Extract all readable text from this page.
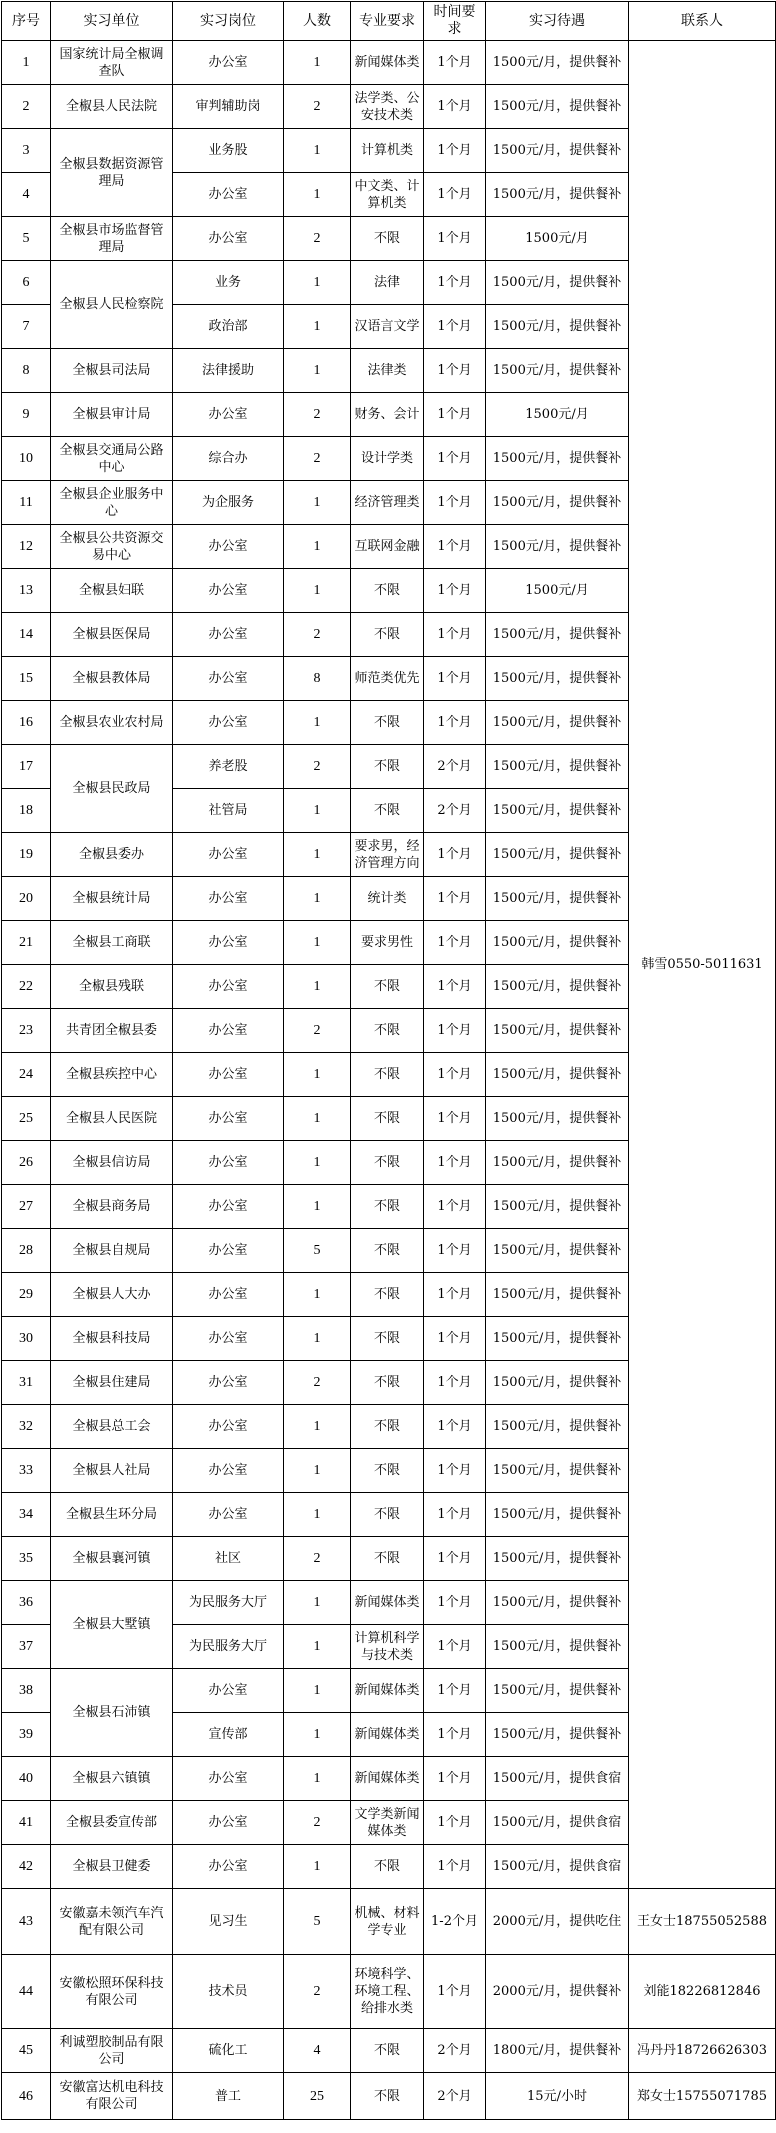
序号	实习单位	实习岗位	人数	专业要求	时间要求	实习待遇	联系人
1	国家统计局全椒调查队	办公室	1	新闻媒体类	1个月	1500元/月，提供餐补	韩雪0550-5011631
2	全椒县人民法院	审判辅助岗	2	法学类、公安技术类	1个月	1500元/月，提供餐补	
3	全椒县数据资源管理局	业务股	1	计算机类	1个月	1500元/月，提供餐补	
4		办公室	1	中文类、计算机类	1个月	1500元/月，提供餐补	
5	全椒县市场监督管理局	办公室	2	不限	1个月	1500元/月	
6	全椒县人民检察院	业务	1	法律	1个月	1500元/月，提供餐补	
7		政治部	1	汉语言文学	1个月	1500元/月，提供餐补	
8	全椒县司法局	法律援助	1	法律类	1个月	1500元/月，提供餐补	
9	全椒县审计局	办公室	2	财务、会计	1个月	1500元/月	
10	全椒县交通局公路中心	综合办	2	设计学类	1个月	1500元/月，提供餐补	
11	全椒县企业服务中心	为企服务	1	经济管理类	1个月	1500元/月，提供餐补	
12	全椒县公共资源交易中心	办公室	1	互联网金融	1个月	1500元/月，提供餐补	
13	全椒县妇联	办公室	1	不限	1个月	1500元/月	
14	全椒县医保局	办公室	2	不限	1个月	1500元/月，提供餐补	
15	全椒县教体局	办公室	8	师范类优先	1个月	1500元/月，提供餐补	
16	全椒县农业农村局	办公室	1	不限	1个月	1500元/月，提供餐补	
17	全椒县民政局	养老股	2	不限	2个月	1500元/月，提供餐补	
18		社管局	1	不限	2个月	1500元/月，提供餐补	
19	全椒县委办	办公室	1	要求男，经济管理方向	1个月	1500元/月，提供餐补	
20	全椒县统计局	办公室	1	统计类	1个月	1500元/月，提供餐补	
21	全椒县工商联	办公室	1	要求男性	1个月	1500元/月，提供餐补	
22	全椒县残联	办公室	1	不限	1个月	1500元/月，提供餐补	
23	共青团全椒县委	办公室	2	不限	1个月	1500元/月，提供餐补	
24	全椒县疾控中心	办公室	1	不限	1个月	1500元/月，提供餐补	
25	全椒县人民医院	办公室	1	不限	1个月	1500元/月，提供餐补	
26	全椒县信访局	办公室	1	不限	1个月	1500元/月，提供餐补	
27	全椒县商务局	办公室	1	不限	1个月	1500元/月，提供餐补	
28	全椒县自规局	办公室	5	不限	1个月	1500元/月，提供餐补	
29	全椒县人大办	办公室	1	不限	1个月	1500元/月，提供餐补	
30	全椒县科技局	办公室	1	不限	1个月	1500元/月，提供餐补	
31	全椒县住建局	办公室	2	不限	1个月	1500元/月，提供餐补	
32	全椒县总工会	办公室	1	不限	1个月	1500元/月，提供餐补	
33	全椒县人社局	办公室	1	不限	1个月	1500元/月，提供餐补	
34	全椒县生环分局	办公室	1	不限	1个月	1500元/月，提供餐补	
35	全椒县襄河镇	社区	2	不限	1个月	1500元/月，提供餐补	
36	全椒县大墅镇	为民服务大厅	1	新闻媒体类	1个月	1500元/月，提供餐补	
37		为民服务大厅	1	计算机科学与技术类	1个月	1500元/月，提供餐补	
38	全椒县石沛镇	办公室	1	新闻媒体类	1个月	1500元/月，提供餐补	
39		宣传部	1	新闻媒体类	1个月	1500元/月，提供餐补	
40	全椒县六镇镇	办公室	1	新闻媒体类	1个月	1500元/月，提供食宿	
41	全椒县委宣传部	办公室	2	文学类新闻媒体类	1个月	1500元/月，提供食宿	
42	全椒县卫健委	办公室	1	不限	1个月	1500元/月，提供食宿	
43	安徽嘉未领汽车汽配有限公司	见习生	5	机械、材料学专业	1-2个月	2000元/月，提供吃住	王女士18755052588
44	安徽松照环保科技有限公司	技术员	2	环境科学、环境工程、给排水类	1个月	2000元/月，提供餐补	刘能18226812846
45	利诚塑胶制品有限公司	硫化工	4	不限	2个月	1800元/月，提供餐补	冯丹丹18726626303
46	安徽富达机电科技有限公司	普工	25	不限	2个月	15元/小时	郑女士15755071785
